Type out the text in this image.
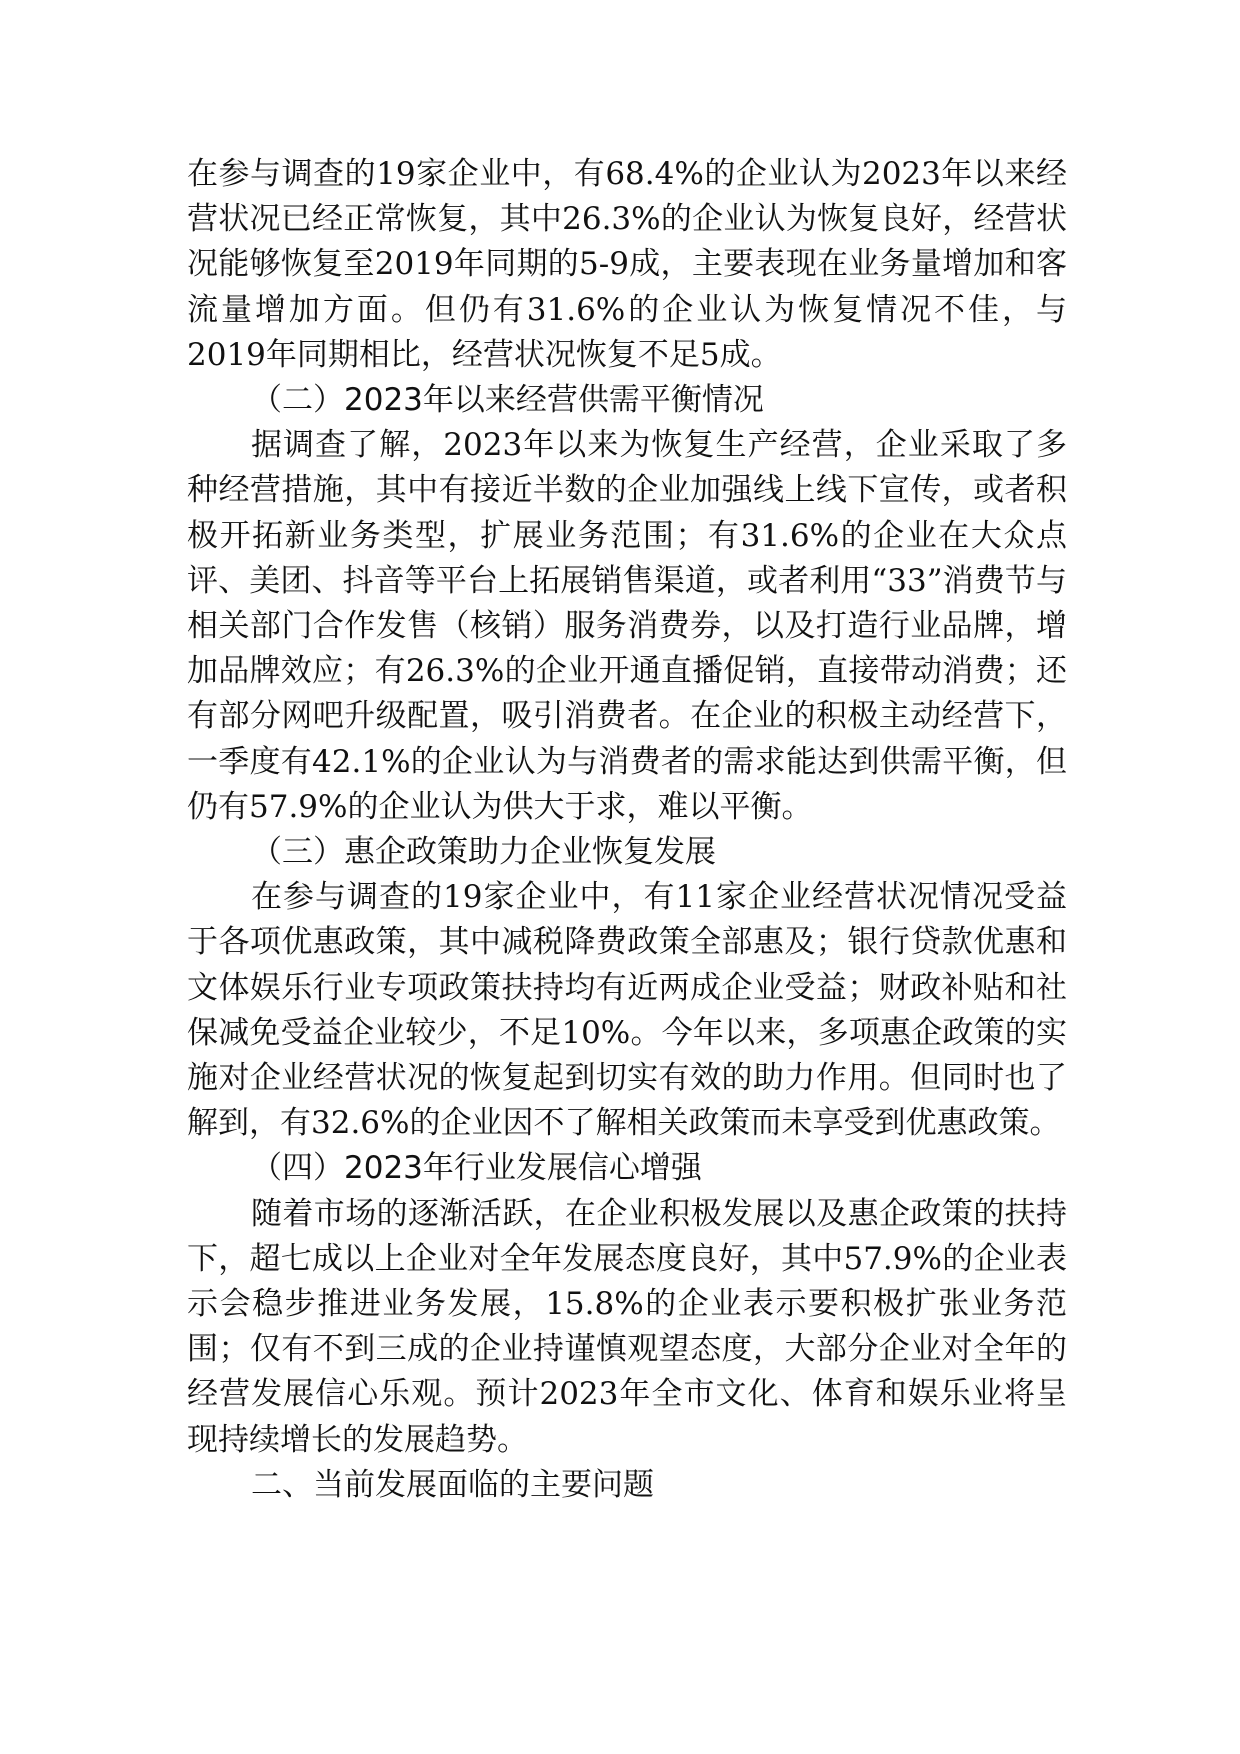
在参与调查的19家企业中，有68.4%的企业认为2023年以来经营状况已经正常恢复，其中26.3%的企业认为恢复良好，经营状况能够恢复至2019年同期的5-9成，主要表现在业务量增加和客流量增加方面。但仍有31.6%的企业认为恢复情况不佳，与2019年同期相比，经营状况恢复不足5成。

（二）2023年以来经营供需平衡情况

据调查了解，2023年以来为恢复生产经营，企业采取了多种经营措施，其中有接近半数的企业加强线上线下宣传，或者积极开拓新业务类型，扩展业务范围；有31.6%的企业在大众点评、美团、抖音等平台上拓展销售渠道，或者利用“33”消费节与相关部门合作发售（核销）服务消费券，以及打造行业品牌，增加品牌效应；有26.3%的企业开通直播促销，直接带动消费；还有部分网吧升级配置，吸引消费者。在企业的积极主动经营下，一季度有42.1%的企业认为与消费者的需求能达到供需平衡，但仍有57.9%的企业认为供大于求，难以平衡。

（三）惠企政策助力企业恢复发展

在参与调查的19家企业中，有11家企业经营状况情况受益于各项优惠政策，其中减税降费政策全部惠及；银行贷款优惠和文体娱乐行业专项政策扶持均有近两成企业受益；财政补贴和社保减免受益企业较少，不足10%。今年以来，多项惠企政策的实施对企业经营状况的恢复起到切实有效的助力作用。但同时也了解到，有32.6%的企业因不了解相关政策而未享受到优惠政策。

（四）2023年行业发展信心增强

随着市场的逐渐活跃，在企业积极发展以及惠企政策的扶持下，超七成以上企业对全年发展态度良好，其中57.9%的企业表示会稳步推进业务发展，15.8%的企业表示要积极扩张业务范围；仅有不到三成的企业持谨慎观望态度，大部分企业对全年的经营发展信心乐观。预计2023年全市文化、体育和娱乐业将呈现持续增长的发展趋势。

二、当前发展面临的主要问题
